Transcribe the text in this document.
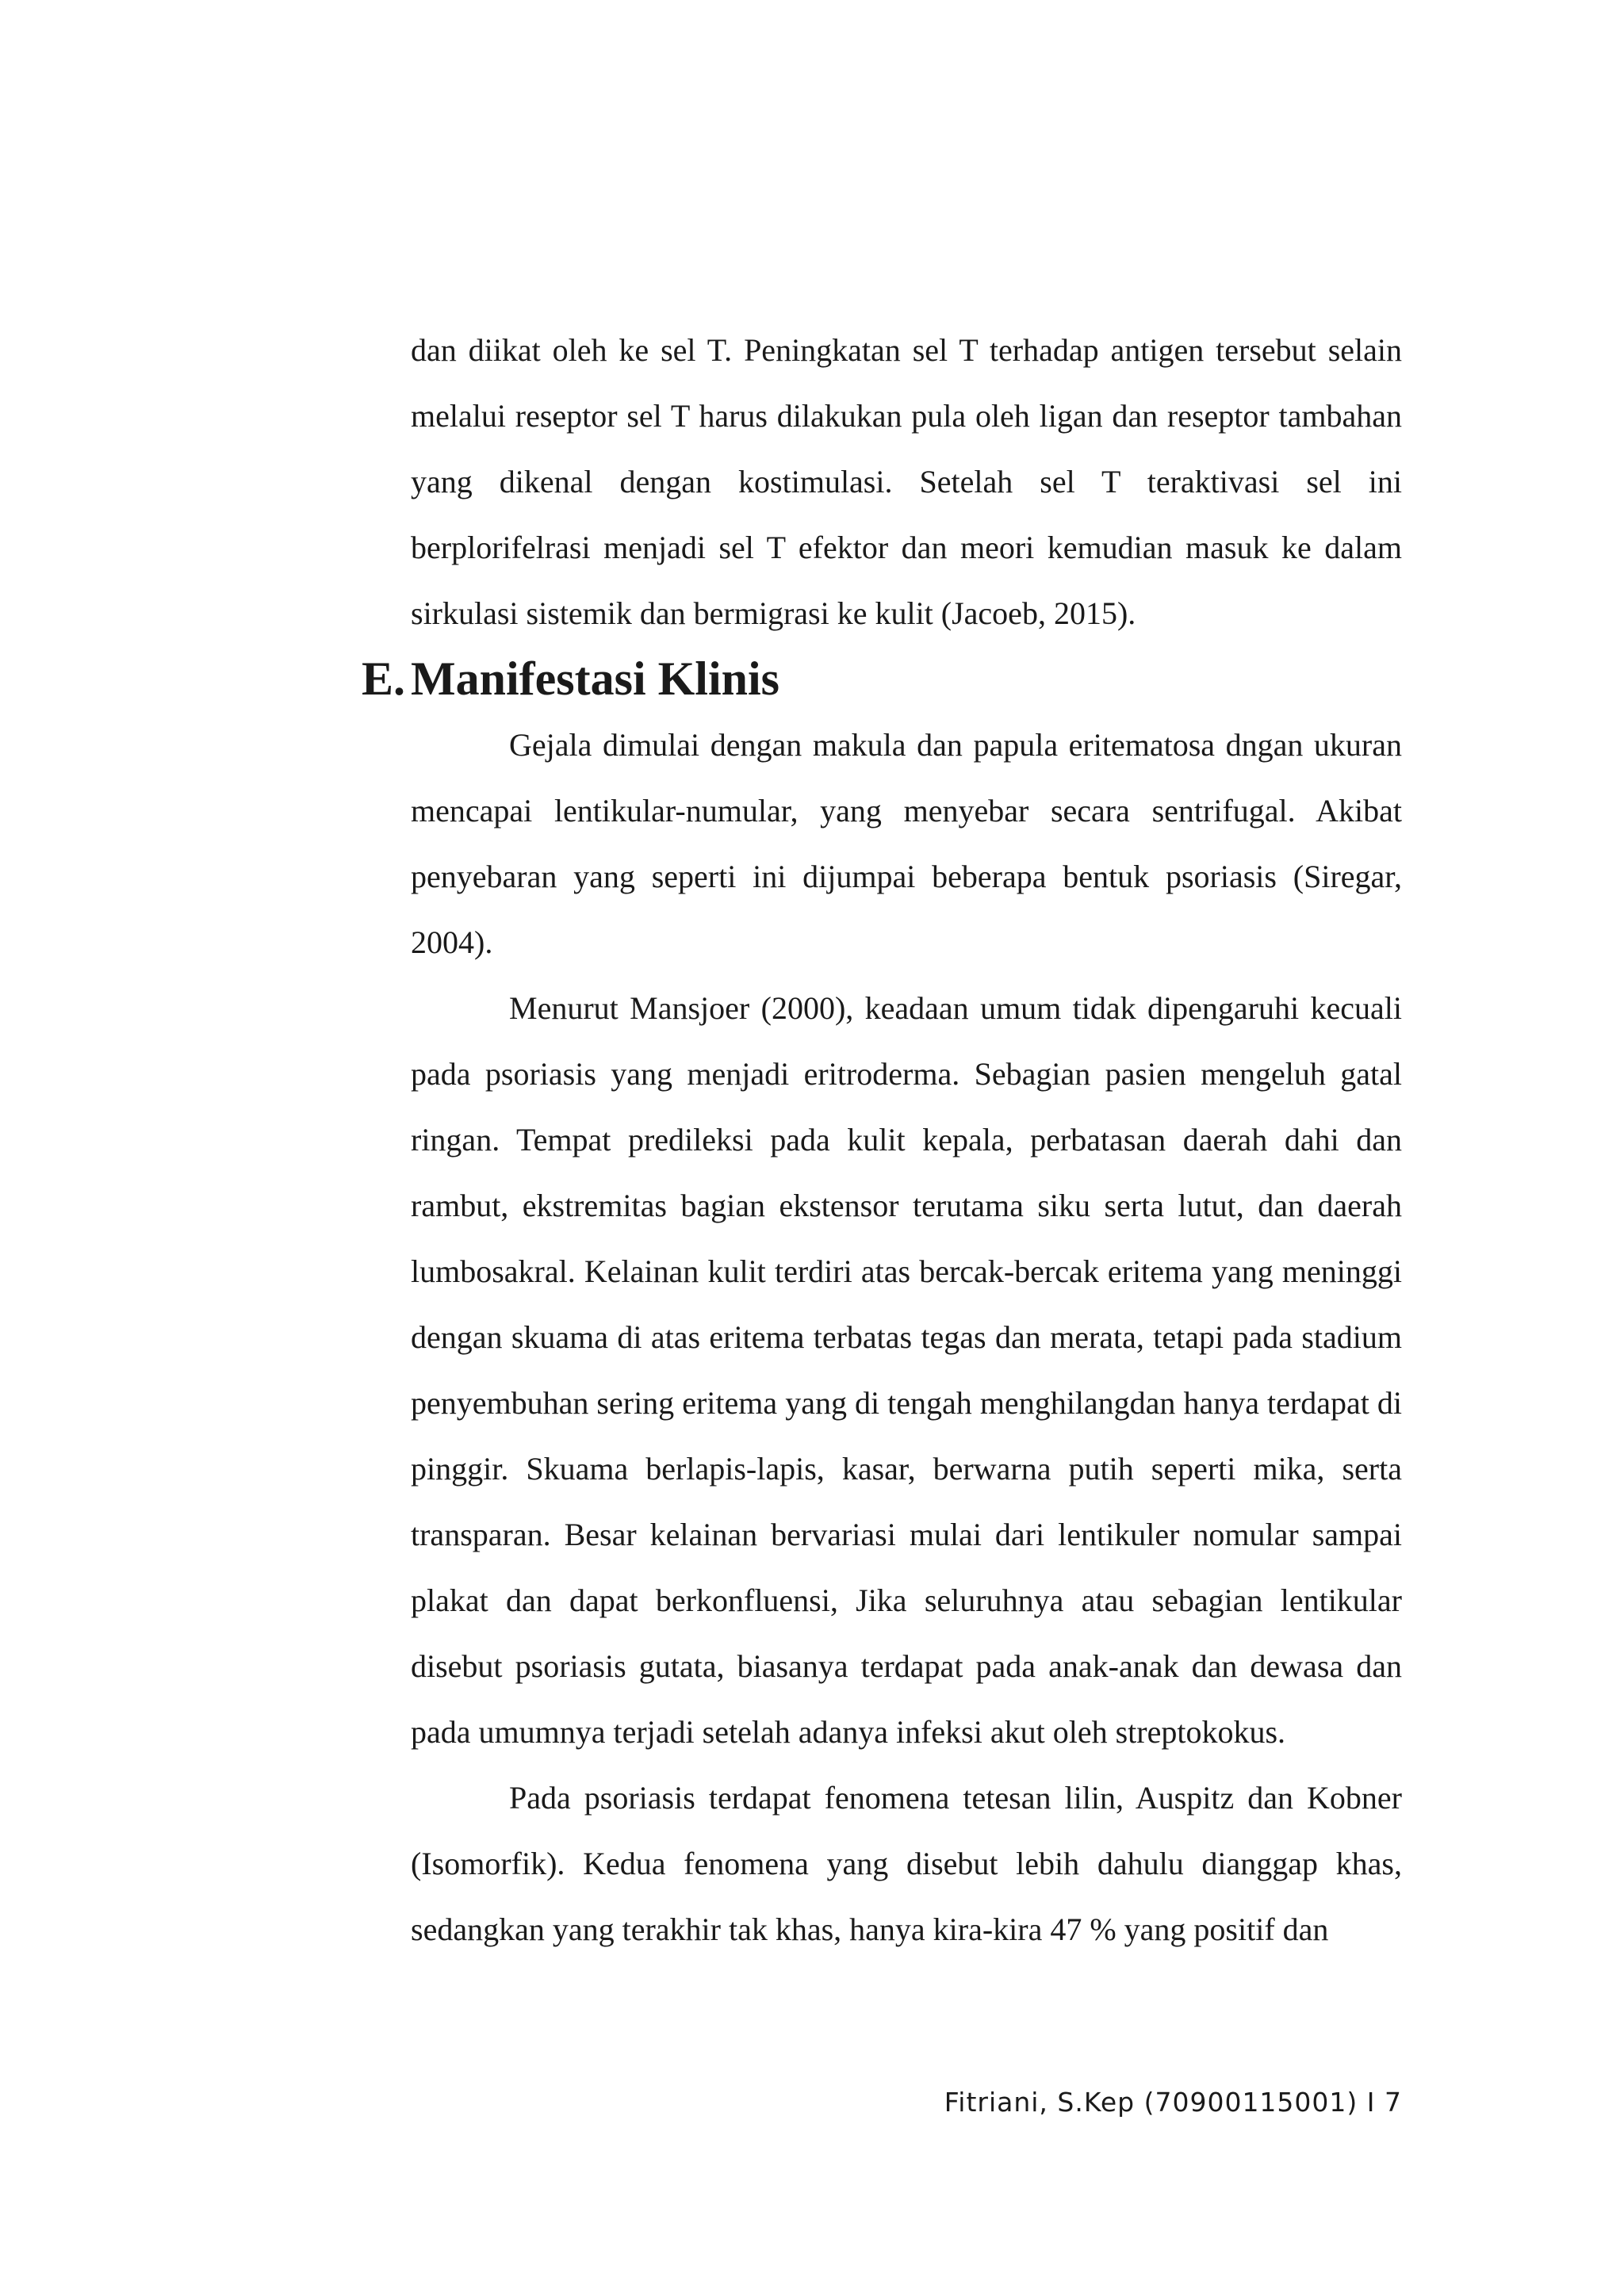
dan diikat oleh ke sel T. Peningkatan sel T terhadap antigen tersebut selain melalui reseptor sel T harus dilakukan pula oleh ligan dan reseptor tambahan yang dikenal dengan kostimulasi. Setelah sel T teraktivasi sel ini berplorifelrasi menjadi sel T efektor dan meori kemudian masuk ke dalam sirkulasi sistemik dan bermigrasi ke kulit (Jacoeb, 2015).

E. Manifestasi Klinis

Gejala dimulai dengan makula dan papula eritematosa dngan ukuran mencapai lentikular-numular, yang menyebar secara sentrifugal. Akibat penyebaran yang seperti ini dijumpai beberapa bentuk psoriasis (Siregar, 2004).

Menurut Mansjoer (2000), keadaan umum tidak dipengaruhi kecuali pada psoriasis yang menjadi eritroderma. Sebagian pasien mengeluh gatal ringan. Tempat predileksi pada kulit kepala, perbatasan daerah dahi dan rambut, ekstremitas bagian ekstensor terutama siku serta lutut, dan daerah lumbosakral. Kelainan kulit terdiri atas bercak-bercak eritema yang meninggi dengan skuama di atas eritema terbatas tegas dan merata, tetapi pada stadium penyembuhan sering eritema yang di tengah menghilangdan hanya terdapat di pinggir. Skuama berlapis-lapis, kasar, berwarna putih seperti mika, serta transparan. Besar kelainan bervariasi mulai dari lentikuler nomular sampai plakat dan dapat berkonfluensi, Jika seluruhnya atau sebagian lentikular disebut psoriasis gutata, biasanya terdapat pada anak-anak dan dewasa dan pada umumnya terjadi setelah adanya infeksi akut oleh streptokokus.

Pada psoriasis terdapat fenomena tetesan lilin, Auspitz dan Kobner (Isomorfik). Kedua fenomena yang disebut lebih dahulu dianggap khas, sedangkan yang terakhir tak khas, hanya kira-kira 47 % yang positif dan

Fitriani, S.Kep (70900115001) I 7
